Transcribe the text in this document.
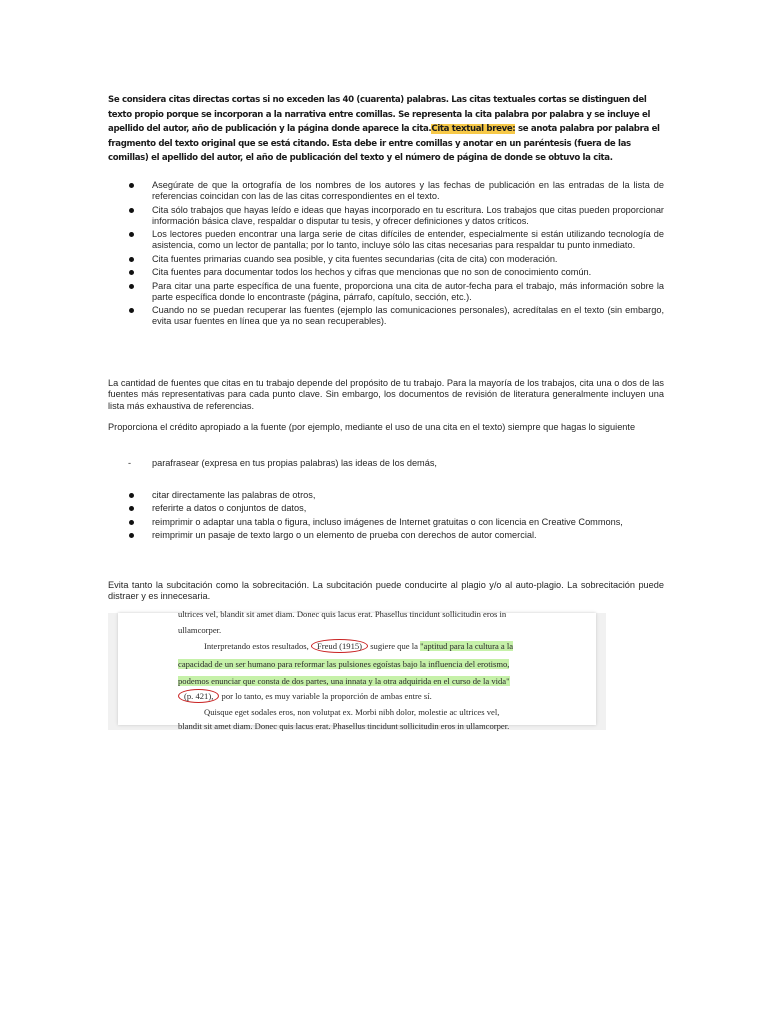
Se considera citas directas cortas si no exceden las 40 (cuarenta) palabras. Las citas textuales cortas se distinguen del texto propio porque se incorporan a la narrativa entre comillas. Se representa la cita palabra por palabra y se incluye el apellido del autor, año de publicación y la página donde aparece la cita.Cita textual breve: se anota palabra por palabra el fragmento del texto original que se está citando. Esta debe ir entre comillas y anotar en un paréntesis (fuera de las comillas) el apellido del autor, el año de publicación del texto y el número de página de donde se obtuvo la cita.
Asegúrate de que la ortografía de los nombres de los autores y las fechas de publicación en las entradas de la lista de referencias coincidan con las de las citas correspondientes en el texto.
Cita sólo trabajos que hayas leído e ideas que hayas incorporado en tu escritura. Los trabajos que citas pueden proporcionar información básica clave, respaldar o disputar tu tesis, y ofrecer definiciones y datos críticos.
Los lectores pueden encontrar una larga serie de citas difíciles de entender, especialmente si están utilizando tecnología de asistencia, como un lector de pantalla; por lo tanto, incluye sólo las citas necesarias para respaldar tu punto inmediato.
Cita fuentes primarias cuando sea posible, y cita fuentes secundarias (cita de cita) con moderación.
Cita fuentes para documentar todos los hechos y cifras que mencionas que no son de conocimiento común.
Para citar una parte específica de una fuente, proporciona una cita de autor-fecha para el trabajo, más información sobre la parte específica donde lo encontraste (página, párrafo, capítulo, sección, etc.).
Cuando no se puedan recuperar las fuentes (ejemplo las comunicaciones personales), acredítalas en el texto (sin embargo, evita usar fuentes en línea que ya no sean recuperables).
La cantidad de fuentes que citas en tu trabajo depende del propósito de tu trabajo. Para la mayoría de los trabajos, cita una o dos de las fuentes más representativas para cada punto clave. Sin embargo, los documentos de revisión de literatura generalmente incluyen una lista más exhaustiva de referencias.
Proporciona el crédito apropiado a la fuente (por ejemplo, mediante el uso de una cita en el texto) siempre que hagas lo siguiente
- parafrasear (expresa en tus propias palabras) las ideas de los demás,
citar directamente las palabras de otros,
referirte a datos o conjuntos de datos,
reimprimir o adaptar una tabla o figura, incluso imágenes de Internet gratuitas o con licencia en Creative Commons,
reimprimir un pasaje de texto largo o un elemento de prueba con derechos de autor comercial.
Evita tanto la subcitación como la sobrecitación. La subcitación puede conducirte al plagio y/o al auto-plagio. La sobrecitación puede distraer y es innecesaria.
ultrices vel, blandit sit amet diam. Donec quis lacus erat. Phasellus tincidunt sollicitudin eros in
ullamcorper.
Interpretando estos resultados, Freud (1915) sugiere que la "aptitud para la cultura a la
capacidad de un ser humano para reformar las pulsiones egoístas bajo la influencia del erotismo,
podemos enunciar que consta de dos partes, una innata y la otra adquirida en el curso de la vida"
(p. 421), por lo tanto, es muy variable la proporción de ambas entre sí.
Quisque eget sodales eros, non volutpat ex. Morbi nibh dolor, molestie ac ultrices vel,
blandit sit amet diam. Donec quis lacus erat. Phasellus tincidunt sollicitudin eros in ullamcorper.
